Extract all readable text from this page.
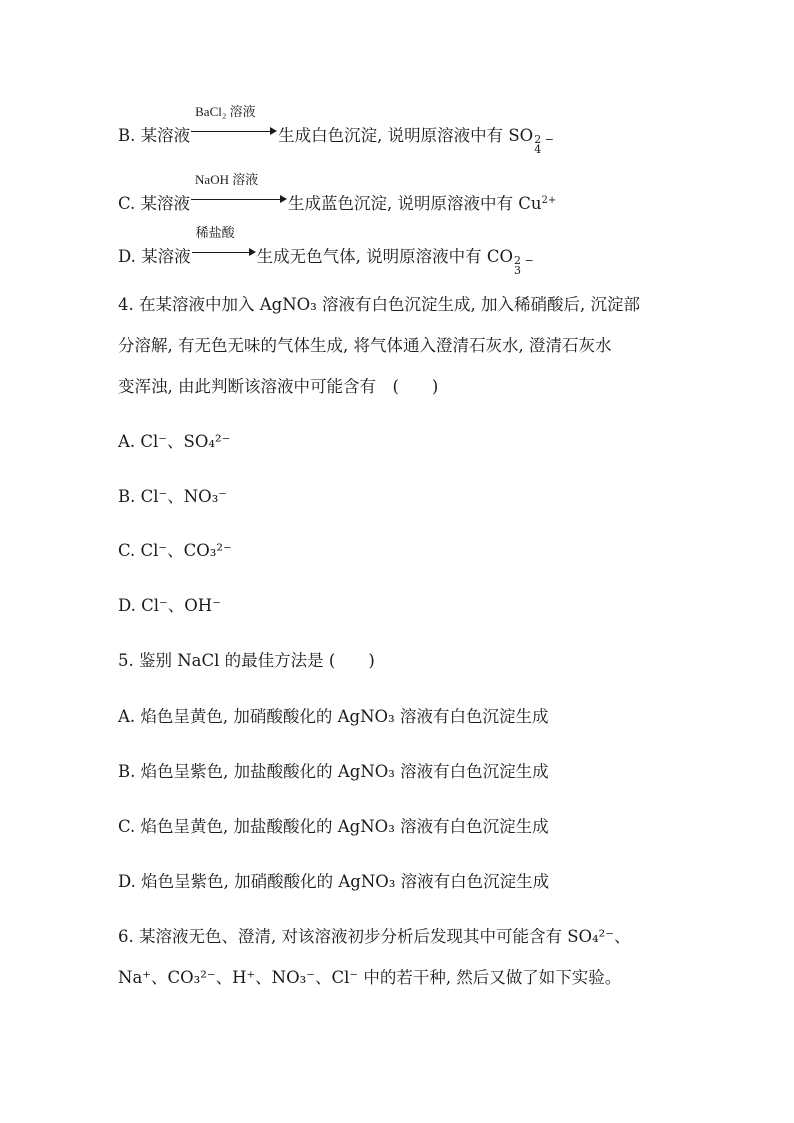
B. 某溶液
BaCl₂ 溶液
生成白色沉淀, 说明原溶液中有 SO 2 −
4
C. 某溶液
NaOH 溶液
生成蓝色沉淀, 说明原溶液中有 Cu 2+
D. 某溶液
稀盐酸
生成无色气体, 说明原溶液中有 CO 2 −
3
4. 在某溶液中加入 AgNO₃ 溶液有白色沉淀生成, 加入稀硝酸后, 沉淀部
分溶解, 有无色无味的气体生成, 将气体通入澄清石灰水, 澄清石灰水
变浑浊, 由此判断该溶液中可能含有　(　　)
A. Cl⁻、SO₄²⁻
B. Cl⁻、NO₃⁻
C. Cl⁻、CO₃²⁻
D. Cl⁻、OH⁻
5. 鉴别 NaCl 的最佳方法是 (　　)
A. 焰色呈黄色, 加硝酸酸化的 AgNO₃ 溶液有白色沉淀生成
B. 焰色呈紫色, 加盐酸酸化的 AgNO₃ 溶液有白色沉淀生成
C. 焰色呈黄色, 加盐酸酸化的 AgNO₃ 溶液有白色沉淀生成
D. 焰色呈紫色, 加硝酸酸化的 AgNO₃ 溶液有白色沉淀生成
6. 某溶液无色、澄清, 对该溶液初步分析后发现其中可能含有 SO₄²⁻、
Na⁺、CO₃²⁻、H⁺、NO₃⁻、Cl⁻ 中的若干种, 然后又做了如下实验。
